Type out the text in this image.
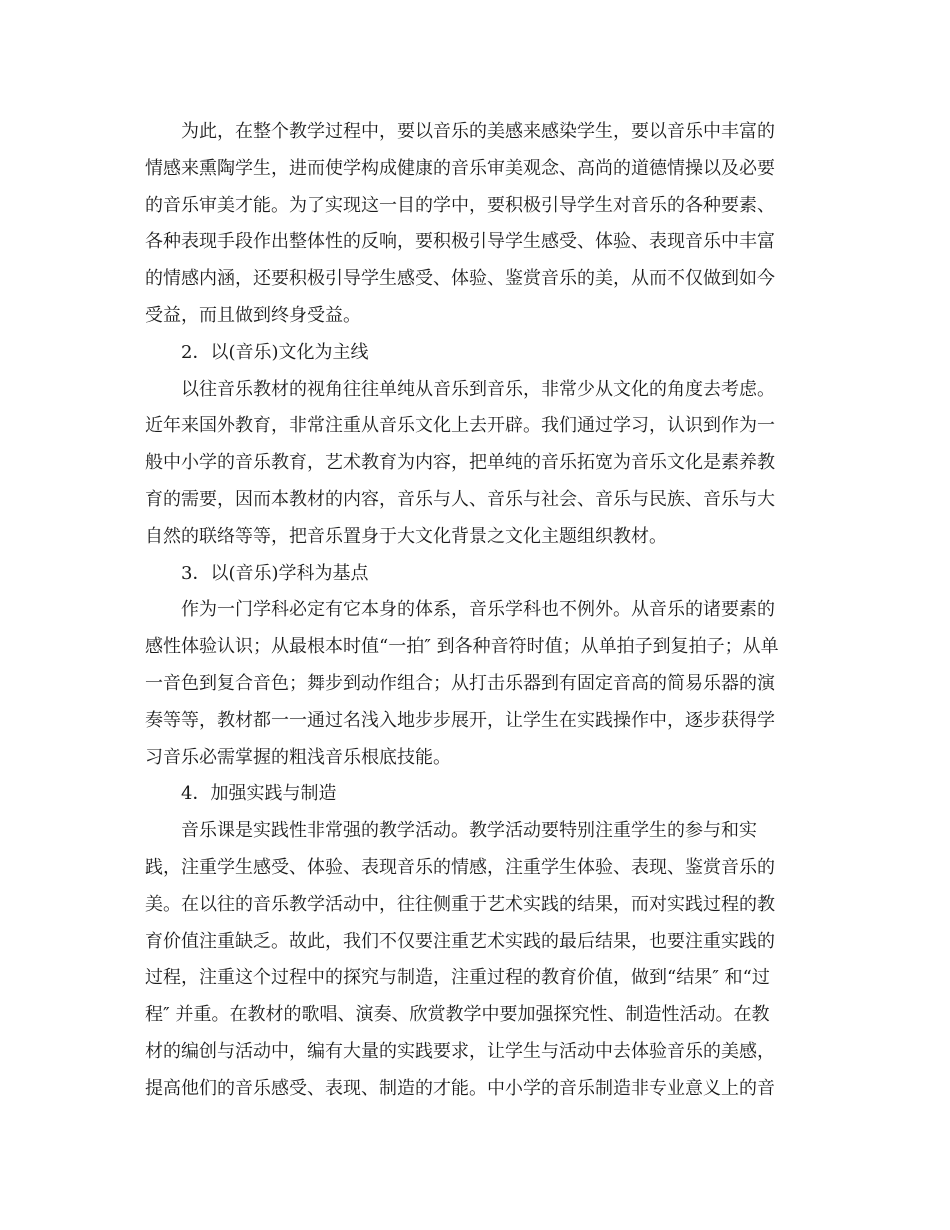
为此，在整个教学过程中，要以音乐的美感来感染学生，要以音乐中丰富的
情感来熏陶学生，进而使学构成健康的音乐审美观念、高尚的道德情操以及必要
的音乐审美才能。为了实现这一目的学中，要积极引导学生对音乐的各种要素、
各种表现手段作出整体性的反响，要积极引导学生感受、体验、表现音乐中丰富
的情感内涵，还要积极引导学生感受、体验、鉴赏音乐的美，从而不仅做到如今
受益，而且做到终身受益。
2．以(音乐)文化为主线
以往音乐教材的视角往往单纯从音乐到音乐，非常少从文化的角度去考虑。
近年来国外教育，非常注重从音乐文化上去开辟。我们通过学习，认识到作为一
般中小学的音乐教育，艺术教育为内容，把单纯的音乐拓宽为音乐文化是素养教
育的需要，因而本教材的内容，音乐与人、音乐与社会、音乐与民族、音乐与大
自然的联络等等，把音乐置身于大文化背景之文化主题组织教材。
3．以(音乐)学科为基点
作为一门学科必定有它本身的体系，音乐学科也不例外。从音乐的诸要素的
感性体验认识；从最根本时值“一拍″ 到各种音符时值；从单拍子到复拍子；从单
一音色到复合音色；舞步到动作组合；从打击乐器到有固定音高的简易乐器的演
奏等等，教材都一一通过名浅入地步步展开，让学生在实践操作中，逐步获得学
习音乐必需掌握的粗浅音乐根底技能。
4．加强实践与制造
音乐课是实践性非常强的教学活动。教学活动要特别注重学生的参与和实
践，注重学生感受、体验、表现音乐的情感，注重学生体验、表现、鉴赏音乐的
美。在以往的音乐教学活动中，往往侧重于艺术实践的结果，而对实践过程的教
育价值注重缺乏。故此，我们不仅要注重艺术实践的最后结果，也要注重实践的
过程，注重这个过程中的探究与制造，注重过程的教育价值，做到“结果″ 和“过
程″ 并重。在教材的歌唱、演奏、欣赏教学中要加强探究性、制造性活动。在教
材的编创与活动中，编有大量的实践要求，让学生与活动中去体验音乐的美感，
提高他们的音乐感受、表现、制造的才能。中小学的音乐制造非专业意义上的音
